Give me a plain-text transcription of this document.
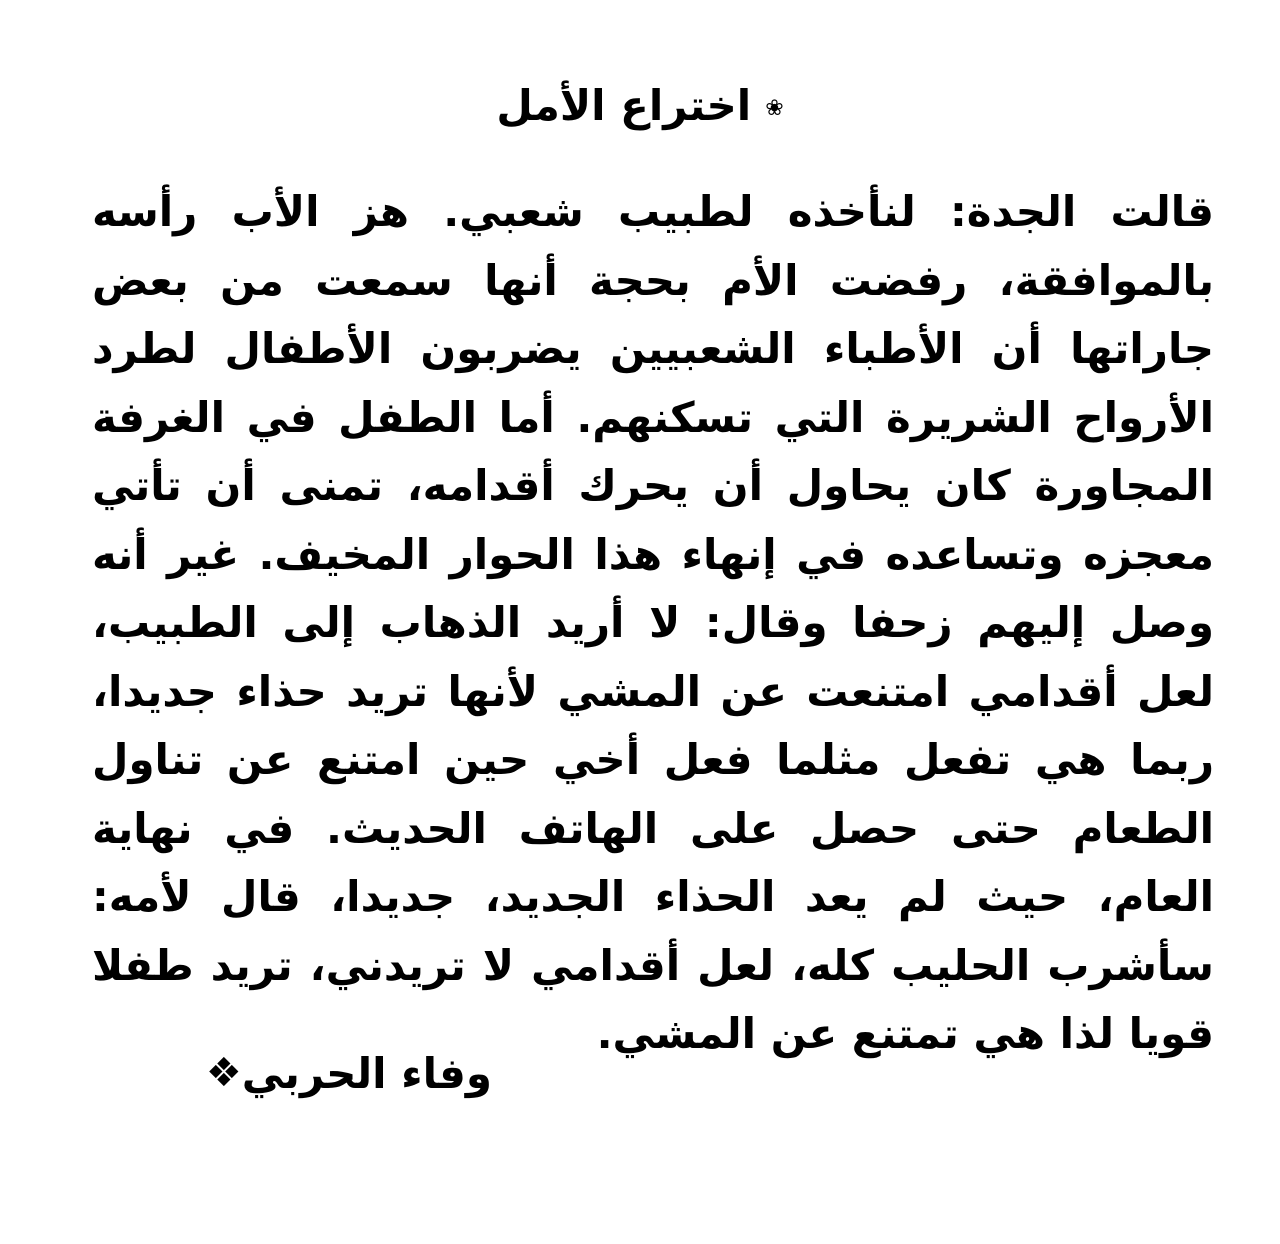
❀اختراع الأمل

قالت الجدة: لنأخذه لطبيب شعبي. هز الأب رأسه بالموافقة، رفضت الأم بحجة أنها سمعت من بعض جاراتها أن الأطباء الشعبيين يضربون الأطفال لطرد الأرواح الشريرة التي تسكنهم. أما الطفل في الغرفة المجاورة كان يحاول أن يحرك أقدامه، تمنى أن تأتي معجزه وتساعده في إنهاء هذا الحوار المخيف. غير أنه وصل إليهم زحفا وقال: لا أريد الذهاب إلى الطبيب، لعل أقدامي امتنعت عن المشي لأنها تريد حذاء جديدا، ربما هي تفعل مثلما فعل أخي حين امتنع عن تناول الطعام حتى حصل على الهاتف الحديث. في نهاية العام، حيث لم يعد الحذاء الجديد، جديدا، قال لأمه: سأشرب الحليب كله، لعل أقدامي لا تريدني، تريد طفلا قويا لذا هي تمتنع عن المشي.

وفاء الحربي
❖
